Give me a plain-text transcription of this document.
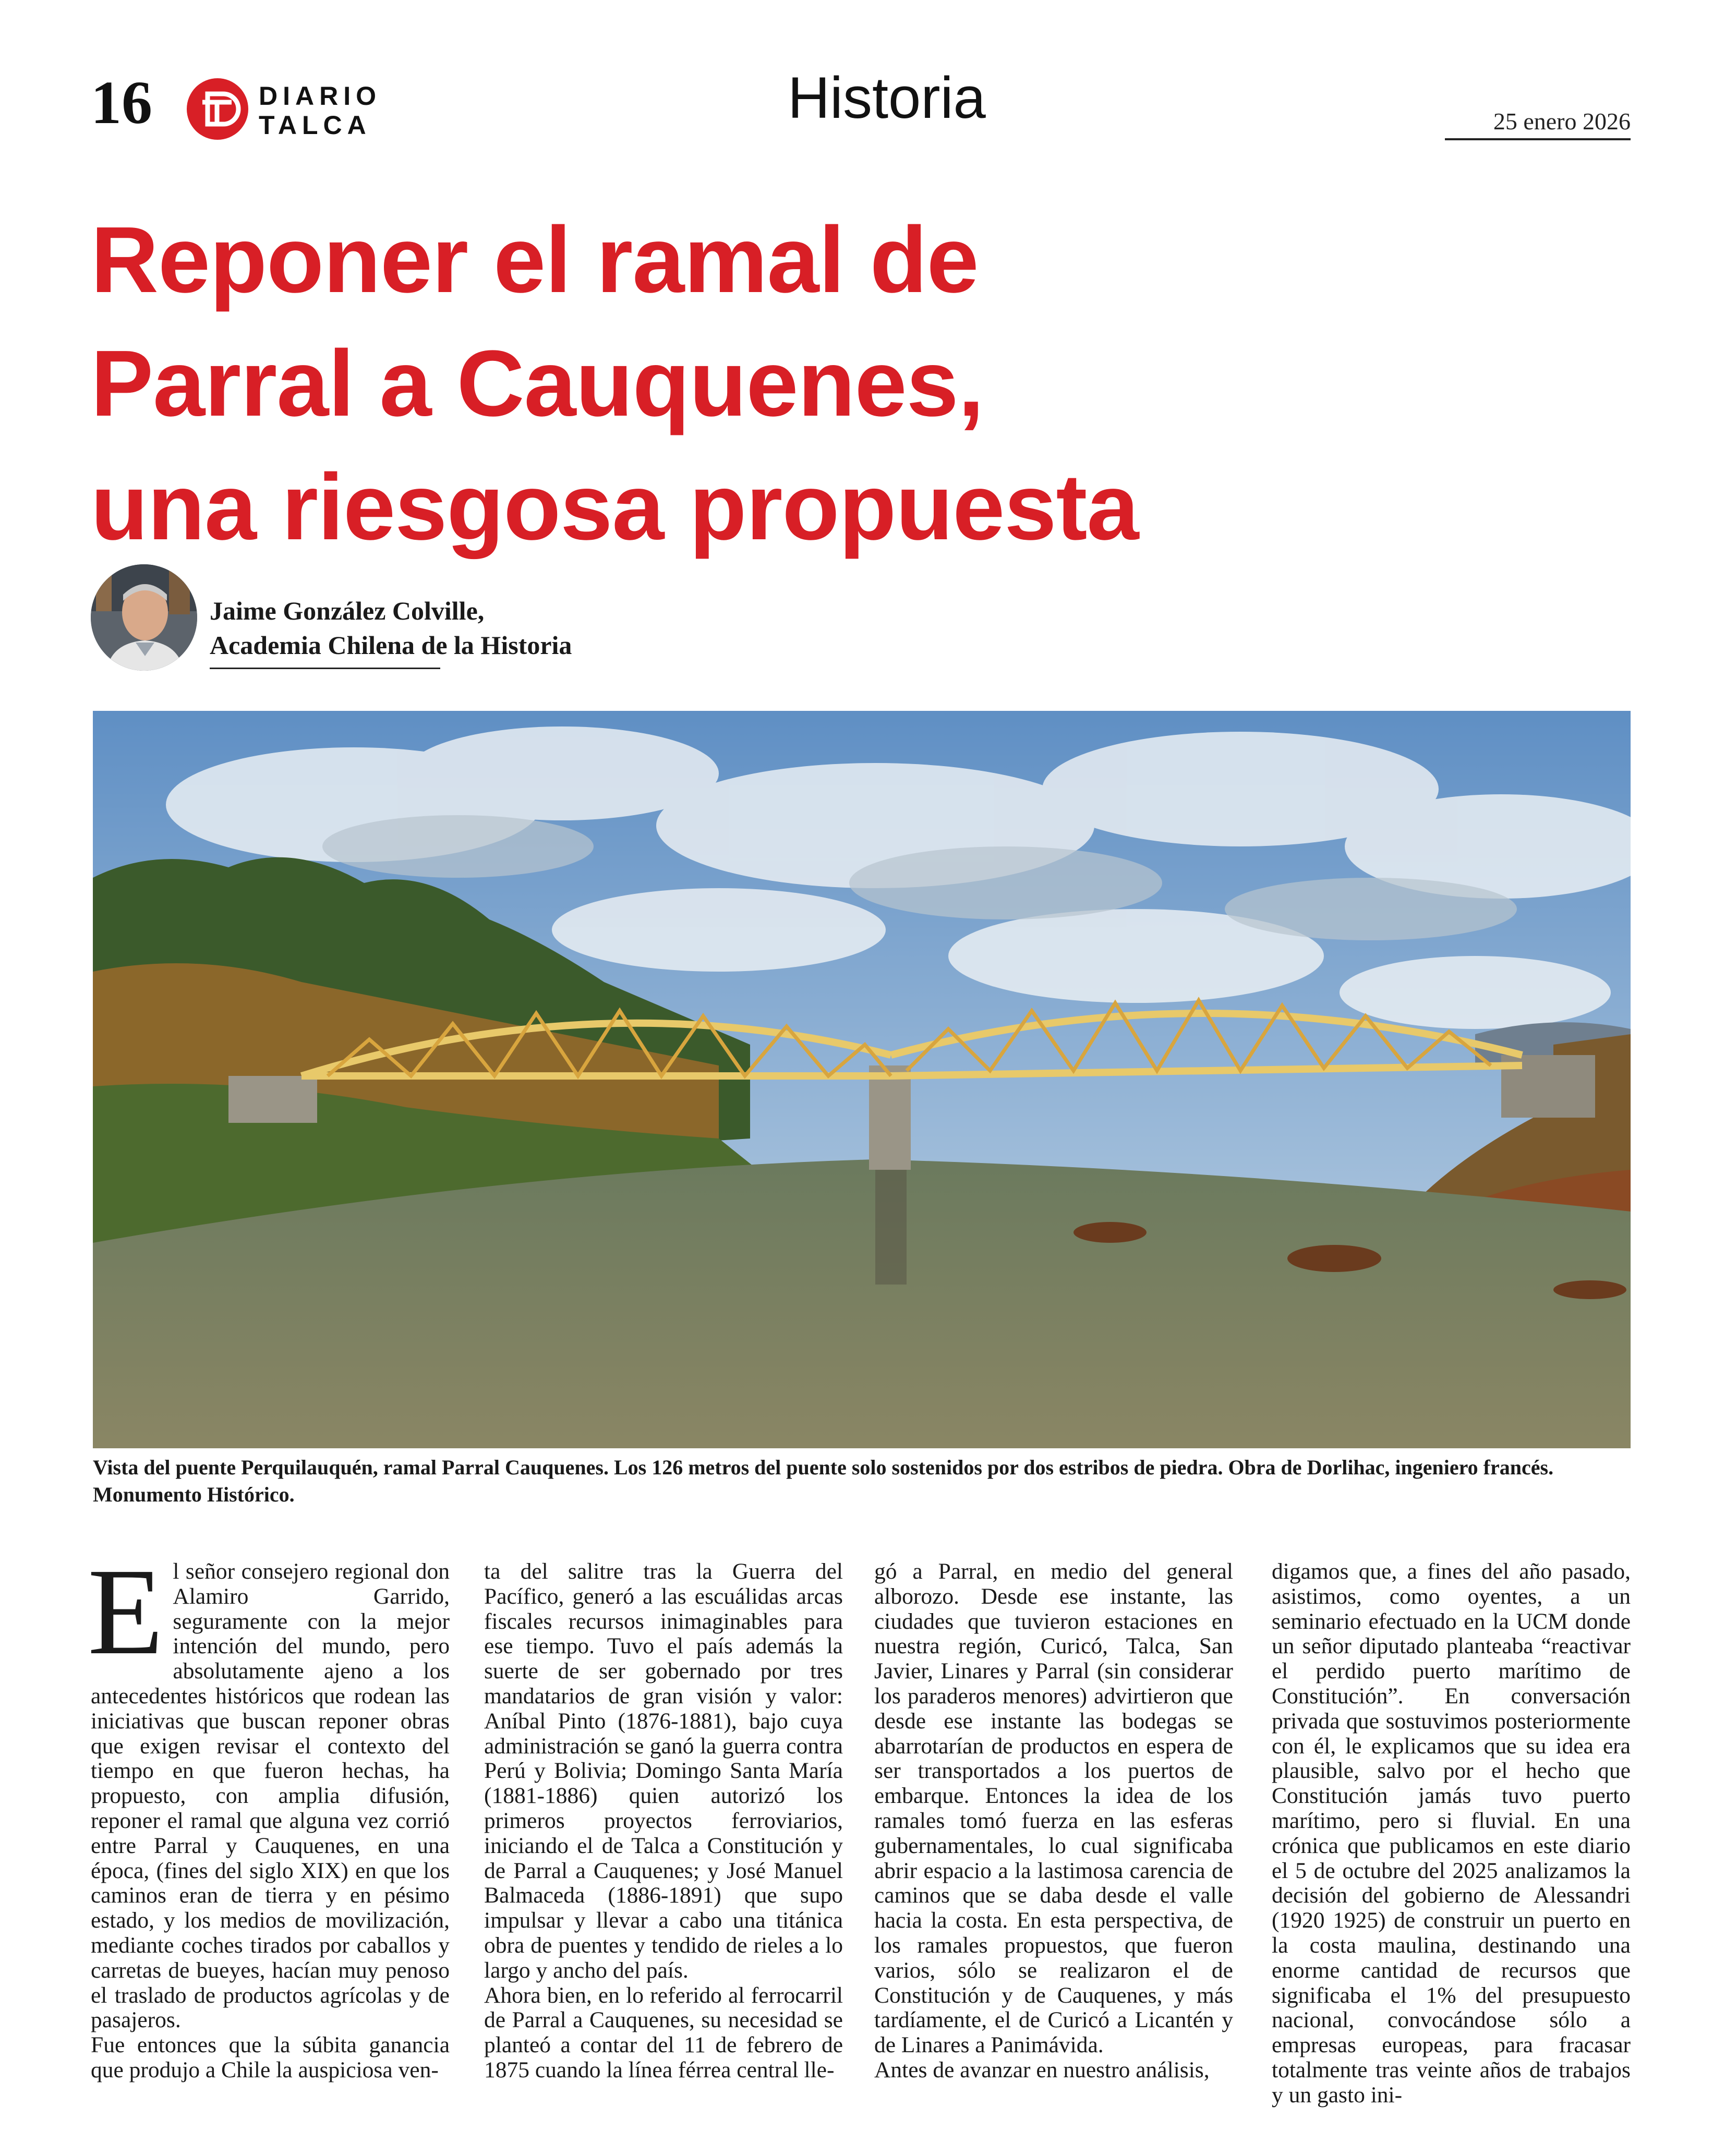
16	DIARIO
TALCA	Historia	25 enero 2026
Reponer el ramal de
Parral a Cauquenes,
una riesgosa propuesta
Jaime González Colville,
Academia Chilena de la Historia
Vista del puente Perquilauquén, ramal Parral Cauquenes. Los 126 metros del puente solo sostenidos por dos estribos de piedra. Obra de Dorlihac, ingeniero francés. Monumento Histórico.
E l señor consejero regional don Alamiro Garrido, seguramente con la mejor intención del mundo, pero absolutamente ajeno a los antecedentes históricos que rodean las iniciativas que buscan reponer obras que exigen revisar el contexto del tiempo en que fueron hechas, ha propuesto, con amplia difusión, reponer el ramal que alguna vez corrió entre Parral y Cauquenes, en una época, (fines del siglo XIX) en que los caminos eran de tierra y en pésimo estado, y los medios de movilización, mediante coches tirados por caballos y carretas de bueyes, hacían muy penoso el traslado de productos agrícolas y de pasajeros.

Fue entonces que la súbita ganancia que produjo a Chile la auspiciosa ven-

ta del salitre tras la Guerra del Pacífico, generó a las escuálidas arcas fiscales recursos inimaginables para ese tiempo. Tuvo el país además la suerte de ser gobernado por tres mandatarios de gran visión y valor: Aníbal Pinto (1876-1881), bajo cuya administración se ganó la guerra contra Perú y Bolivia; Domingo Santa María (1881-1886) quien autorizó los primeros proyectos ferroviarios, iniciando el de Talca a Constitución y de Parral a Cauquenes; y José Manuel Balmaceda (1886-1891) que supo impulsar y llevar a cabo una titánica obra de puentes y tendido de rieles a lo largo y ancho del país.

Ahora bien, en lo referido al ferrocarril de Parral a Cauquenes, su necesidad se planteó a contar del 11 de febrero de 1875 cuando la línea férrea central lle-

gó a Parral, en medio del general alborozo. Desde ese instante, las ciudades que tuvieron estaciones en nuestra región, Curicó, Talca, San Javier, Linares y Parral (sin considerar los paraderos menores) advirtieron que desde ese instante las bodegas se abarrotarían de productos en espera de ser transportados a los puertos de embarque. Entonces la idea de los ramales tomó fuerza en las esferas gubernamentales, lo cual significaba abrir espacio a la lastimosa carencia de caminos que se daba desde el valle hacia la costa. En esta perspectiva, de los ramales propuestos, que fueron varios, sólo se realizaron el de Constitución y de Cauquenes, y más tardíamente, el de Curicó a Licantén y de Linares a Panimávida.

Antes de avanzar en nuestro análisis,

digamos que, a fines del año pasado, asistimos, como oyentes, a un seminario efectuado en la UCM donde un señor diputado planteaba “reactivar el perdido puerto marítimo de Constitución”. En conversación privada que sostuvimos posteriormente con él, le explicamos que su idea era plausible, salvo por el hecho que Constitución jamás tuvo puerto marítimo, pero si fluvial. En una crónica que publicamos en este diario el 5 de octubre del 2025 analizamos la decisión del gobierno de Alessandri (1920 1925) de construir un puerto en la costa maulina, destinando una enorme cantidad de recursos que significaba el 1% del presupuesto nacional, convocándose sólo a empresas europeas, para fracasar totalmente tras veinte años de trabajos y un gasto ini-
